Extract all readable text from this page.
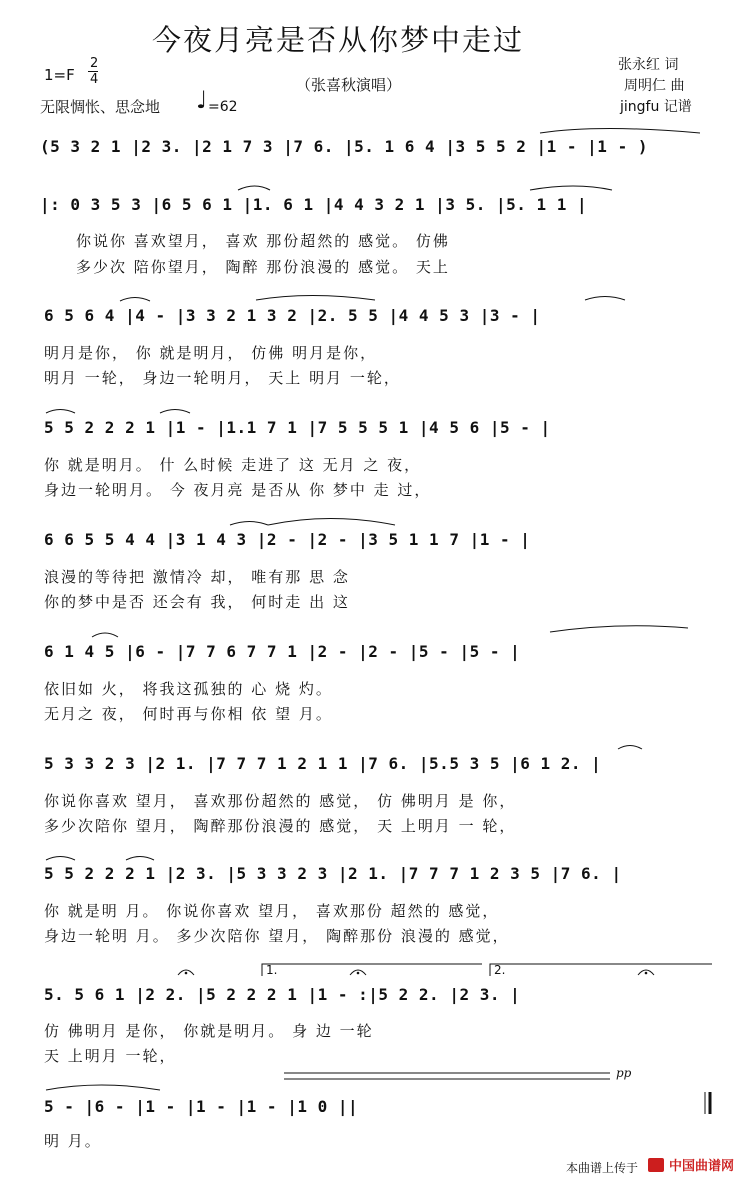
今夜月亮是否从你梦中走过
（张喜秋演唱）
1=F
2
4
无限惆怅、思念地 ♩ =62
张永红 词
周明仁 曲
jingfu 记谱
(5 3 2 1 |2 3. |2 1 7 3 |7 6. |5. 1 6 4 |3 5 5 2 |1 - |1 - )
|: 0 3 5 3 |6 5 6 1 |1. 6 1 |4 4 3 2 1 |3 5. |5. 1 1 |
你说你 喜欢望月， 喜欢 那份超然的 感觉。 仿佛
多少次 陪你望月， 陶醉 那份浪漫的 感觉。 天上
6 5 6 4 |4 - |3 3 2 1 3 2 |2. 5 5 |4 4 5 3 |3 - |
明月是你， 你 就是明月， 仿佛 明月是你，
明月 一轮， 身边一轮明月， 天上 明月 一轮，
5 5 2 2 2 1 |1 - |1.1 7 1 |7 5 5 5 1 |4 5 6 |5 - |
你 就是明月。 什 么时候 走进了 这 无月 之 夜，
身边一轮明月。 今 夜月亮 是否从 你 梦中 走 过，
6 6 5 5 4 4 |3 1 4 3 |2 - |2 - |3 5 1 1 7 |1 - |
浪漫的等待把 激情冷 却， 唯有那 思 念
你的梦中是否 还会有 我， 何时走 出 这
6 1 4 5 |6 - |7 7 6 7 7 1 |2 - |2 - |5 - |5 - |
依旧如 火， 将我这孤独的 心 烧 灼。
无月之 夜， 何时再与你相 依 望 月。
5 3 3 2 3 |2 1. |7 7 7 1 2 1 1 |7 6. |5.5 3 5 |6 1 2. |
你说你喜欢 望月， 喜欢那份超然的 感觉， 仿 佛明月 是 你，
多少次陪你 望月， 陶醉那份浪漫的 感觉， 天 上明月 一 轮，
5 5 2 2 2 1 |2 3. |5 3 3 2 3 |2 1. |7 7 7 1 2 3 5 |7 6. |
你 就是明 月。 你说你喜欢 望月， 喜欢那份 超然的 感觉，
身边一轮明 月。 多少次陪你 望月， 陶醉那份 浪漫的 感觉，
1.	2.
5. 5 6 1 |2 2. |5 2 2 2 1 |1 - :|5 2 2. |2 3. |
仿 佛明月 是你， 你就是明月。 身 边 一轮
天 上明月 一轮，
pp
5 - |6 - |1 - |1 - |1 - |1 0 ||
明 月。
本曲谱上传于 中国曲谱网
